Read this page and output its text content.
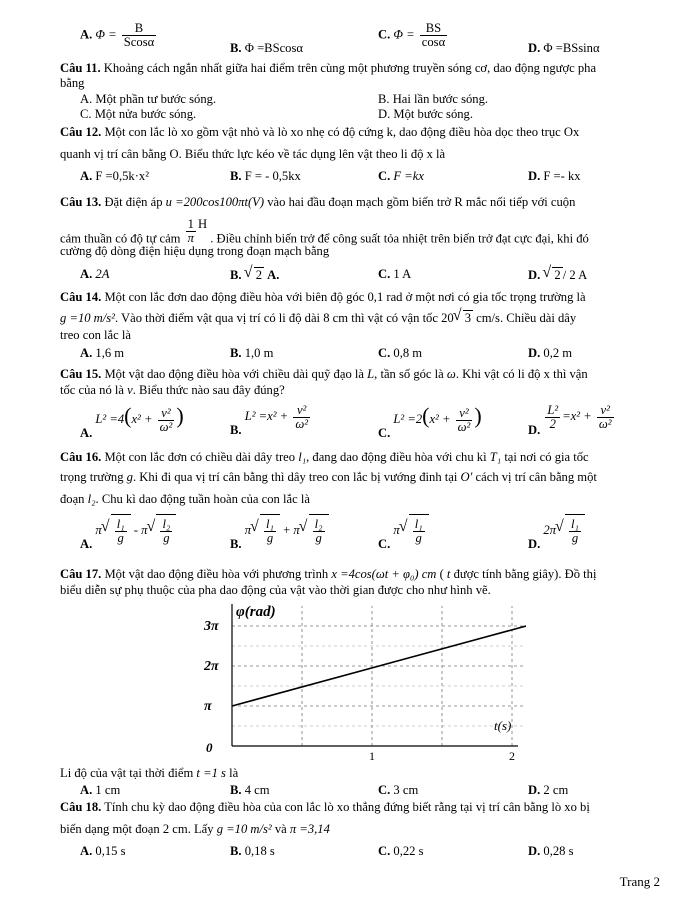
A. $\Phi = \frac{B}{Scos\alpha}$	B. Φ =BScosα
C. $\Phi = \frac{BS}{\cos\alpha}$	D. Φ =BSsinα
Câu 11. Khoảng cách ngắn nhất giữa hai điểm trên cùng một phương truyền sóng cơ, dao động ngược pha
bằng
A. Một phần tư bước sóng.	B. Hai lần bước sóng.
C. Một nửa bước sóng.	D. Một bước sóng.
Câu 12. Một con lắc lò xo gồm vật nhỏ và lò xo nhẹ có độ cứng k, dao động điều hòa dọc theo trục Ox
quanh vị trí cân bằng O. Biểu thức lực kéo về tác dụng lên vật theo li độ x là
A. F =0,5k·x²	B. F = - 0,5kx	C. F =kx	D. F =- kx
Câu 13. Đặt điện áp u =200cos100πt(V) vào hai đầu đoạn mạch gồm biến trở R mắc nối tiếp với cuộn
cảm thuần có độ tự cảm $\frac{1}{\pi}$ H . Điều chỉnh biến trở để công suất tỏa nhiệt trên biến trở đạt cực đại, khi đó
cường độ dòng điện hiệu dụng trong đoạn mạch bằng
A. 2A	B. √ 2 A.	C. 1 A	D. √ 2 / 2 A
Câu 14. Một con lắc đơn dao động điều hòa với biên độ góc 0,1 rad ở một nơi có gia tốc trọng trường là
g =10 m/s². Vào thời điểm vật qua vị trí có li độ dài 8 cm thì vật có vận tốc 20 √ 3 cm/s. Chiều dài dây
treo con lắc là
A. 1,6 m	B. 1,0 m	C. 0,8 m	D. 0,2 m
Câu 15. Một vật dao động điều hòa với chiều dài quỹ đạo là L, tần số góc là ω. Khi vật có li độ x thì vận
tốc của nó là v. Biểu thức nào sau đây đúng?
A. $L^2 =4(x^2 + \frac{\text{v²}}{\text{ω²}}$ )
B. $L^2 =x^2 + \frac{\text{v²}}{\text{ω²}}$
C. $L^2 =2(x^2 + \frac{\text{v²}}{\text{ω²}}$ )
D. $\frac{\text{L²}}{2} =x^2 + \frac{\text{v²}}{\text{ω²}}$
Câu 16. Một con lắc đơn có chiều dài dây treo l₁, đang dao động điều hòa với chu kì T₁ tại nơi có gia tốc
trọng trường g. Khi đi qua vị trí cân bằng thì dây treo con lắc bị vướng đinh tại O′ cách vị trí cân bằng một
đoạn l₂. Chu kì dao động tuần hoàn của con lắc là
A. π √ $\frac{\text{l₁}}{g}$ - π √ $\frac{\text{l₂}}{g}$	B. π √ $\frac{\text{l₁}}{g} + \pi$ √ $\frac{\text{l₂}}{g}$	C. π √ $\frac{\text{l₁}}{g}$	D. 2π √ $\frac{\text{l₁}}{g}$
Câu 17. Một vật dao động điều hòa với phương trình x =4cos(ωt + φ₀) cm ( t được tính bằng giây). Đồ thị
biểu diễn sự phụ thuộc của pha dao động của vật vào thời gian được cho như hình vẽ.
φ(rad)
t(s)
0
π
2π
3π
1	2
Li độ của vật tại thời điểm t =1 s là
A. 1 cm	B. 4 cm	C. 3 cm	D. 2 cm
Câu 18. Tính chu kỳ dao động điều hòa của con lắc lò xo thẳng đứng biết rằng tại vị trí cân bằng lò xo bị
biến dạng một đoạn 2 cm. Lấy g =10 m/s² và π =3,14
A. 0,15 s	B. 0,18 s	C. 0,22 s	D. 0,28 s
Trang 2
